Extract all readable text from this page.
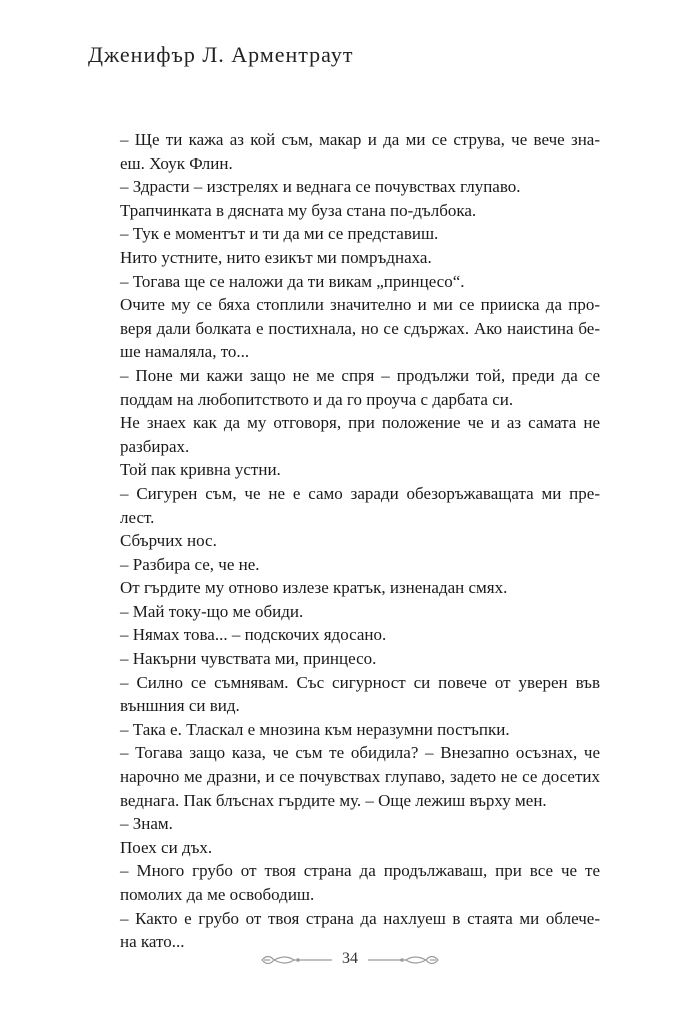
Дженифър Л. Арментраут
– Ще ти кажа аз кой съм, макар и да ми се струва, че вече зна-
еш. Хоук Флин.
– Здрасти – изстрелях и веднага се почувствах глупаво.
Трапчинката в дясната му буза стана по-дълбока.
– Тук е моментът и ти да ми се представиш.
Нито устните, нито езикът ми помръднаха.
– Тогава ще се наложи да ти викам „принцесо“.
Очите му се бяха стоплили значително и ми се прииска да про-
веря дали болката е постихнала, но се сдържах. Ако наистина бе-
ше намаляла, то...
– Поне ми кажи защо не ме спря – продължи той, преди да се
поддам на любопитството и да го проуча с дарбата си.
Не знаех как да му отговоря, при положение че и аз самата не
разбирах.
Той пак кривна устни.
– Сигурен съм, че не е само заради обезоръжаващата ми пре-
лест.
Сбърчих нос.
– Разбира се, че не.
От гърдите му отново излезе кратък, изненадан смях.
– Май току-що ме обиди.
– Нямах това... – подскочих ядосано.
– Накърни чувствата ми, принцесо.
– Силно се съмнявам. Със сигурност си повече от уверен във
външния си вид.
– Така е. Тласкал е мнозина към неразумни постъпки.
– Тогава защо каза, че съм те обидила? – Внезапно осъзнах, че
нарочно ме дразни, и се почувствах глупаво, задето не се досетих
веднага. Пак блъснах гърдите му. – Още лежиш върху мен.
– Знам.
Поех си дъх.
– Много грубо от твоя страна да продължаваш, при все че те
помолих да ме освободиш.
– Както е грубо от твоя страна да нахлуеш в стаята ми облече-
на като...
34
